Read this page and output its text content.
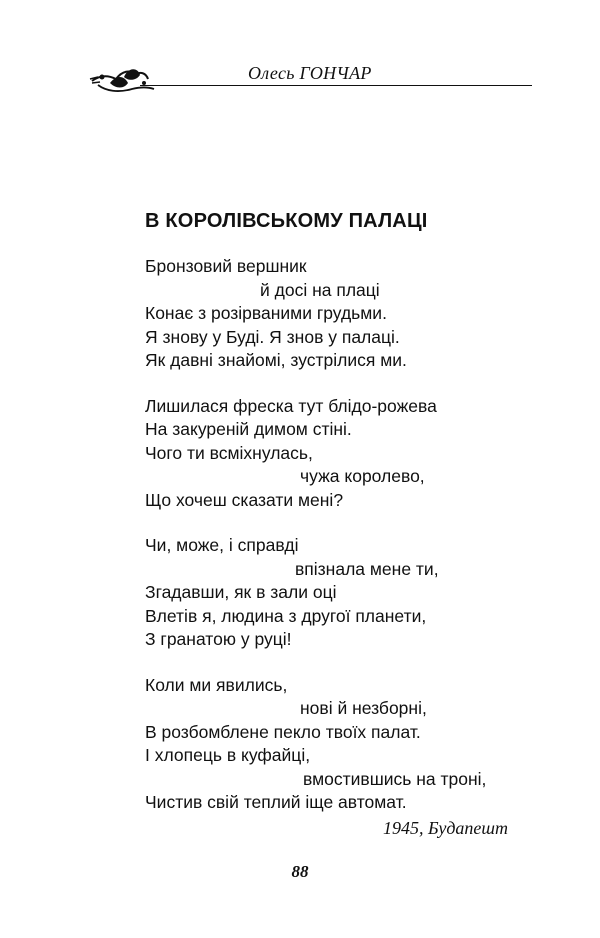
Олесь ГОНЧАР
В КОРОЛІВСЬКОМУ ПАЛАЦІ
Бронзовий вершник
й досі на плаці
Конає з розірваними грудьми.
Я знову у Буді. Я знов у палаці.
Як давні знайомі, зустрілися ми.
Лишилася фреска тут блідо-рожева
На закуреній димом стіні.
Чого ти всміхнулась,
чужа королево,
Що хочеш сказати мені?
Чи, може, і справді
впізнала мене ти,
Згадавши, як в зали оці
Влетів я, людина з другої планети,
З гранатою у руці!
Коли ми явились,
нові й незборні,
В розбомблене пекло твоїх палат.
І хлопець в куфайці,
вмостившись на троні,
Чистив свій теплий іще автомат.
1945, Будапешт
88
